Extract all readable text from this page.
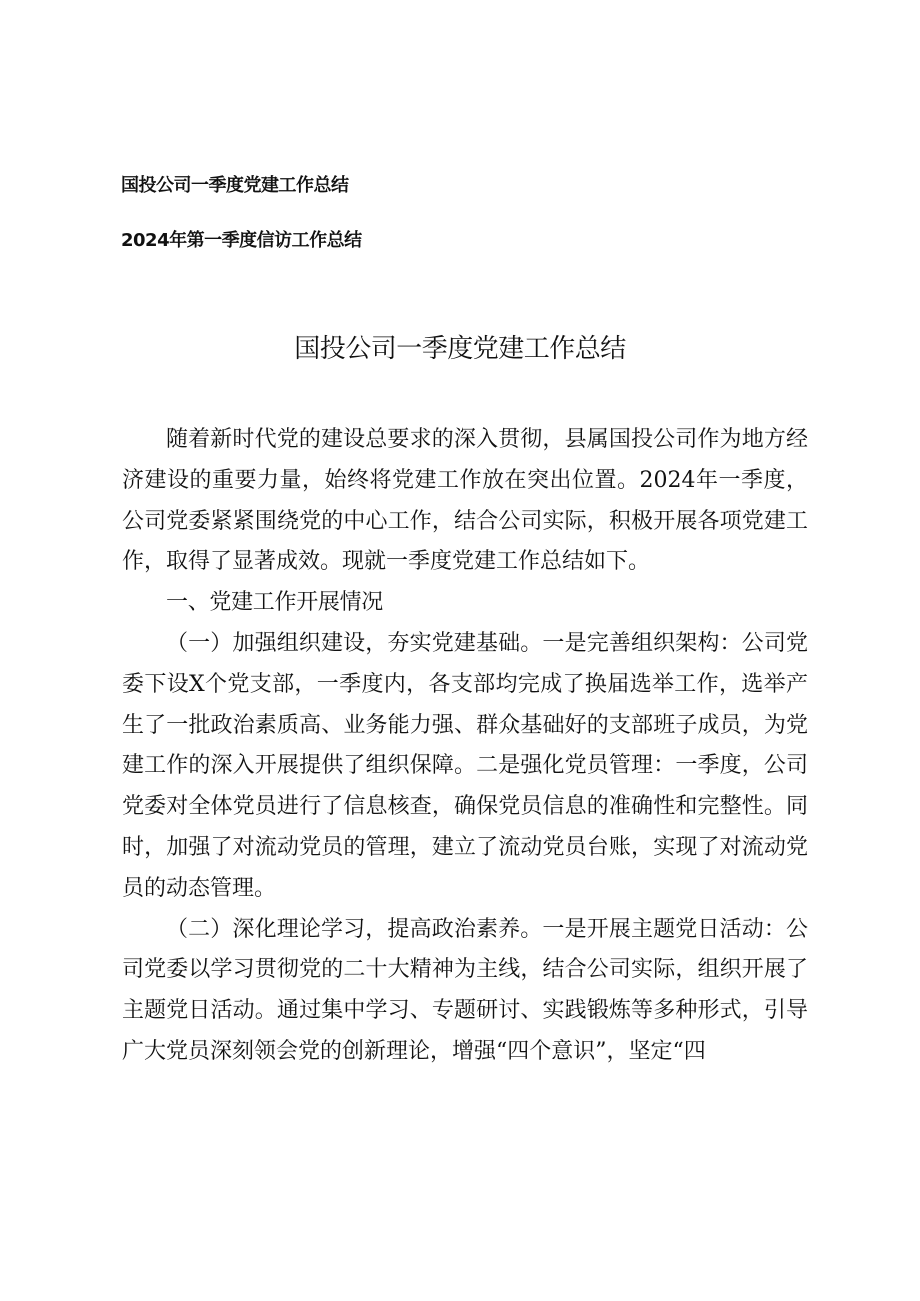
国投公司一季度党建工作总结
2024年第一季度信访工作总结
国投公司一季度党建工作总结

随着新时代党的建设总要求的深入贯彻，县属国投公司作为地方经济建设的重要力量，始终将党建工作放在突出位置。2024年一季度，公司党委紧紧围绕党的中心工作，结合公司实际，积极开展各项党建工作，取得了显著成效。现就一季度党建工作总结如下。

一、党建工作开展情况

（一）加强组织建设，夯实党建基础。一是完善组织架构：公司党委下设X个党支部，一季度内，各支部均完成了换届选举工作，选举产生了一批政治素质高、业务能力强、群众基础好的支部班子成员，为党建工作的深入开展提供了组织保障。二是强化党员管理：一季度，公司党委对全体党员进行了信息核查，确保党员信息的准确性和完整性。同时，加强了对流动党员的管理，建立了流动党员台账，实现了对流动党员的动态管理。

（二）深化理论学习，提高政治素养。一是开展主题党日活动：公司党委以学习贯彻党的二十大精神为主线，结合公司实际，组织开展了主题党日活动。通过集中学习、专题研讨、实践锻炼等多种形式，引导广大党员深刻领会党的创新理论，增强“四个意识”，坚定“四
